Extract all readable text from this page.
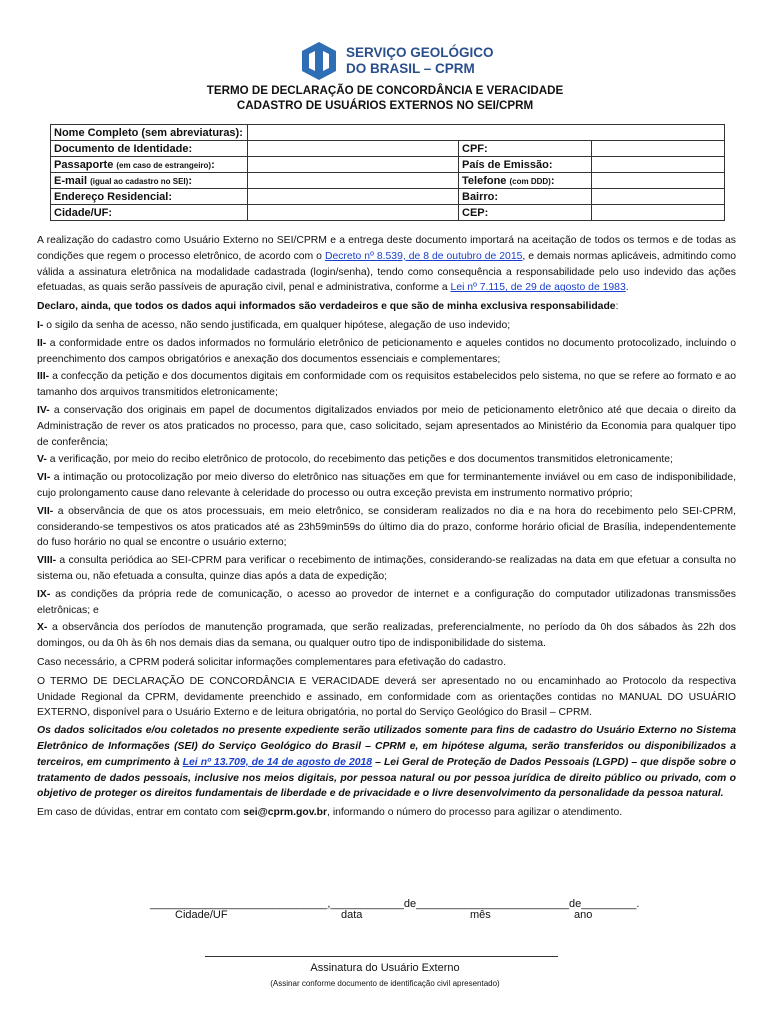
SERVIÇO GEOLÓGICO
DO BRASIL – CPRM
TERMO DE DECLARAÇÃO DE CONCORDÂNCIA E VERACIDADE
CADASTRO DE USUÁRIOS EXTERNOS NO SEI/CPRM
Nome Completo (sem abreviaturas):			
Documento de Identidade:		CPF:	
Passaporte (em caso de estrangeiro):		País de Emissão:	
E-mail (igual ao cadastro no SEI):		Telefone (com DDD):	
Endereço Residencial:		Bairro:	
Cidade/UF:		CEP:	

A realização do cadastro como Usuário Externo no SEI/CPRM e a entrega deste documento importará na aceitação de todos os termos e de todas as condições que regem o processo eletrônico, de acordo com o Decreto nº 8.539, de 8 de outubro de 2015, e demais normas aplicáveis, admitindo como válida a assinatura eletrônica na modalidade cadastrada (login/senha), tendo como consequência a responsabilidade pelo uso indevido das ações efetuadas, as quais serão passíveis de apuração civil, penal e administrativa, conforme a Lei nº 7.115, de 29 de agosto de 1983.

Declaro, ainda, que todos os dados aqui informados são verdadeiros e que são de minha exclusiva responsabilidade:

I- o sigilo da senha de acesso, não sendo justificada, em qualquer hipótese, alegação de uso indevido;

II- a conformidade entre os dados informados no formulário eletrônico de peticionamento e aqueles contidos no documento protocolizado, incluindo o preenchimento dos campos obrigatórios e anexação dos documentos essenciais e complementares;

III- a confecção da petição e dos documentos digitais em conformidade com os requisitos estabelecidos pelo sistema, no que se refere ao formato e ao tamanho dos arquivos transmitidos eletronicamente;

IV- a conservação dos originais em papel de documentos digitalizados enviados por meio de peticionamento eletrônico até que decaia o direito da Administração de rever os atos praticados no processo, para que, caso solicitado, sejam apresentados ao Ministério da Economia para qualquer tipo de conferência;

V- a verificação, por meio do recibo eletrônico de protocolo, do recebimento das petições e dos documentos transmitidos eletronicamente;

VI- a intimação ou protocolização por meio diverso do eletrônico nas situações em que for terminantemente inviável ou em caso de indisponibilidade, cujo prolongamento cause dano relevante à celeridade do processo ou outra exceção prevista em instrumento normativo próprio;

VII- a observância de que os atos processuais, em meio eletrônico, se consideram realizados no dia e na hora do recebimento pelo SEI-CPRM, considerando-se tempestivos os atos praticados até as 23h59min59s do último dia do prazo, conforme horário oficial de Brasília, independentemente do fuso horário no qual se encontre o usuário externo;

VIII- a consulta periódica ao SEI-CPRM para verificar o recebimento de intimações, considerando-se realizadas na data em que efetuar a consulta no sistema ou, não efetuada a consulta, quinze dias após a data de expedição;

IX- as condições da própria rede de comunicação, o acesso ao provedor de internet e a configuração do computador utilizadonas transmissões eletrônicas; e

X- a observância dos períodos de manutenção programada, que serão realizadas, preferencialmente, no período da 0h dos sábados às 22h dos domingos, ou da 0h às 6h nos demais dias da semana, ou qualquer outro tipo de indisponibilidade do sistema.

Caso necessário, a CPRM poderá solicitar informações complementares para efetivação do cadastro.

O TERMO DE DECLARAÇÃO DE CONCORDÂNCIA E VERACIDADE deverá ser apresentado no ou encaminhado ao Protocolo da respectiva Unidade Regional da CPRM, devidamente preenchido e assinado, em conformidade com as orientações contidas no MANUAL DO USUÁRIO EXTERNO, disponível para o Usuário Externo e de leitura obrigatória, no portal do Serviço Geológico do Brasil – CPRM.

Os dados solicitados e/ou coletados no presente expediente serão utilizados somente para fins de cadastro do Usuário Externo no Sistema Eletrônico de Informações (SEI) do Serviço Geológico do Brasil – CPRM e, em hipótese alguma, serão transferidos ou disponibilizados a terceiros, em cumprimento à Lei nº 13.709, de 14 de agosto de 2018 – Lei Geral de Proteção de Dados Pessoais (LGPD) – que dispõe sobre o tratamento de dados pessoais, inclusive nos meios digitais, por pessoa natural ou por pessoa jurídica de direito público ou privado, com o objetivo de proteger os direitos fundamentais de liberdade e de privacidade e o livre desenvolvimento da personalidade da pessoa natural.

Em caso de dúvidas, entrar em contato com sei@cprm.gov.br, informando o número do processo para agilizar o atendimento.

_____________________________,____________de_________________________de_________.
Cidade/UF	data	mês	ano
Assinatura do Usuário Externo
(Assinar conforme documento de identificação civil apresentado)
